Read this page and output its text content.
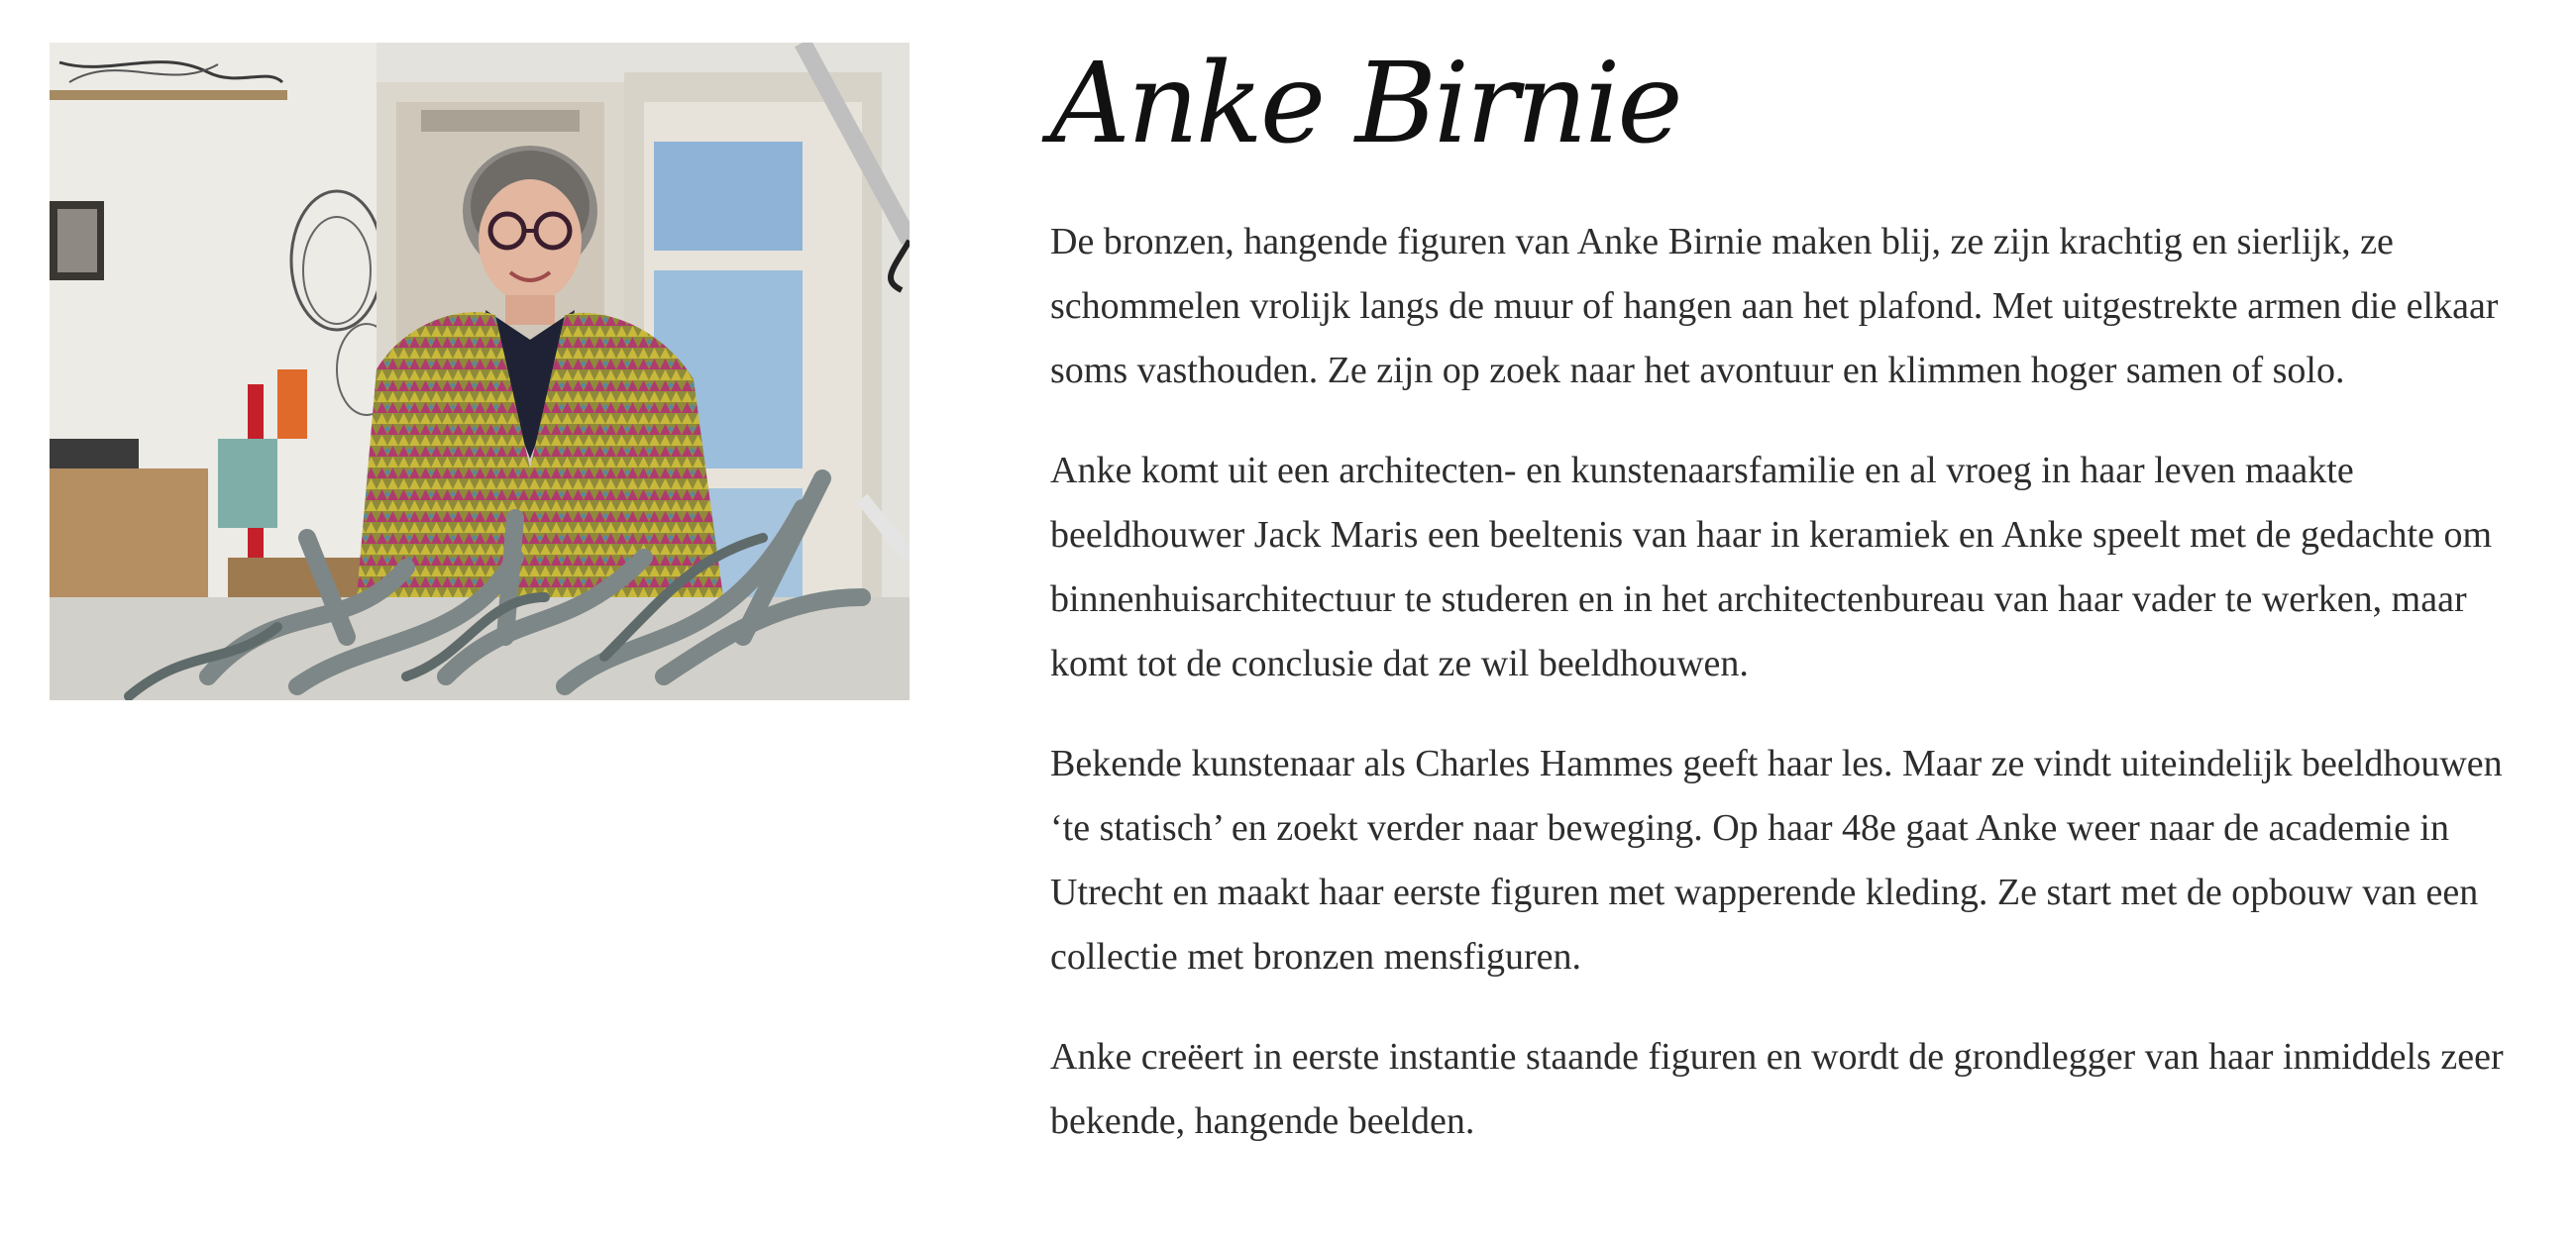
Anke Birnie

De bronzen, hangende figuren van Anke Birnie maken blij, ze zijn krachtig en sierlijk, ze schommelen vrolijk langs de muur of hangen aan het plafond. Met uitgestrekte armen die elkaar soms vasthouden. Ze zijn op zoek naar het avontuur en klimmen hoger samen of solo.

Anke komt uit een architecten- en kunstenaarsfamilie en al vroeg in haar leven maakte beeldhouwer Jack Maris een beeltenis van haar in keramiek en Anke speelt met de gedachte om binnenhuisarchitectuur te studeren en in het architectenbureau van haar vader te werken, maar komt tot de conclusie dat ze wil beeldhouwen.

Bekende kunstenaar als Charles Hammes geeft haar les. Maar ze vindt uiteindelijk beeldhouwen ‘te statisch’ en zoekt verder naar beweging. Op haar 48e gaat Anke weer naar de academie in Utrecht en maakt haar eerste figuren met wapperende kleding. Ze start met de opbouw van een collectie met bronzen mensfiguren.

Anke creëert in eerste instantie staande figuren en wordt de grondlegger van haar inmiddels zeer bekende, hangende beelden.
